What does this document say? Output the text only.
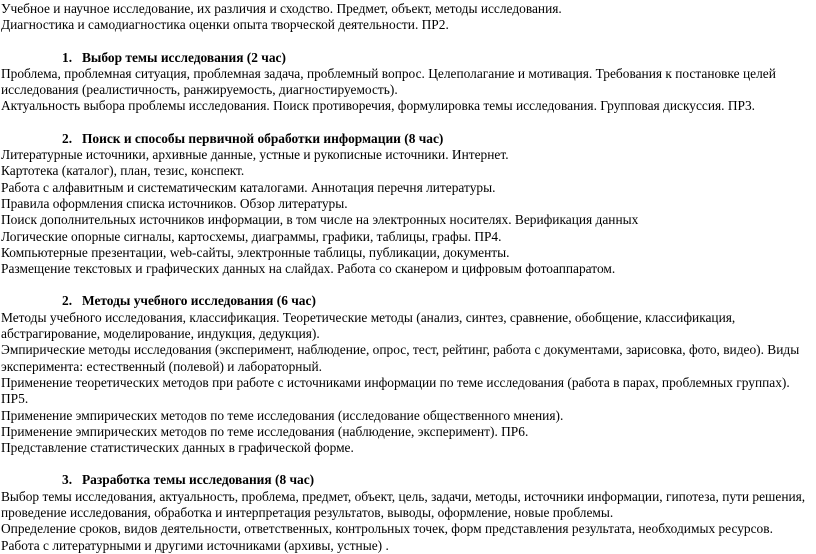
Учебное и научное исследование, их различия и сходство. Предмет, объект, методы исследования.

Диагностика и самодиагностика оценки опыта творческой деятельности. ПР2.

1. Выбор темы исследования (2 час)

Проблема, проблемная ситуация, проблемная задача, проблемный вопрос. Целеполагание и мотивация. Требования к постановке целей исследования (реалистичность, ранжируемость, диагностируемость).

Актуальность выбора проблемы исследования. Поиск противоречия, формулировка темы исследования. Групповая дискуссия. ПР3.

2. Поиск и способы первичной обработки информации (8 час)

Литературные источники, архивные данные, устные и рукописные источники. Интернет.

Картотека (каталог), план, тезис, конспект.

Работа с алфавитным и систематическим каталогами. Аннотация перечня литературы.

Правила оформления списка источников. Обзор литературы.

Поиск дополнительных источников информации, в том числе на электронных носителях. Верификация данных

Логические опорные сигналы, картосхемы, диаграммы, графики, таблицы, графы. ПР4.

Компьютерные презентации, web-сайты, электронные таблицы, публикации, документы.

Размещение текстовых и графических данных на слайдах. Работа со сканером и цифровым фотоаппаратом.

2. Методы учебного исследования (6 час)

Методы учебного исследования, классификация. Теоретические методы (анализ, синтез, сравнение, обобщение, классификация, абстрагирование, моделирование, индукция, дедукция).

Эмпирические методы исследования (эксперимент, наблюдение, опрос, тест, рейтинг, работа с документами, зарисовка, фото, видео). Виды эксперимента: естественный (полевой) и лабораторный.

Применение теоретических методов при работе с источниками информации по теме исследования (работа в парах, проблемных группах). ПР5.

Применение эмпирических методов по теме исследования (исследование общественного мнения).

Применение эмпирических методов по теме исследования (наблюдение, эксперимент). ПР6.

Представление статистических данных в графической форме.

3. Разработка темы исследования (8 час)

Выбор темы исследования, актуальность, проблема, предмет, объект, цель, задачи, методы, источники информации, гипотеза, пути решения, проведение исследования, обработка и интерпретация результатов, выводы, оформление, новые проблемы.

Определение сроков, видов деятельности, ответственных, контрольных точек, форм представления результата, необходимых ресурсов.

Работа с литературными и другими источниками (архивы, устные) .
